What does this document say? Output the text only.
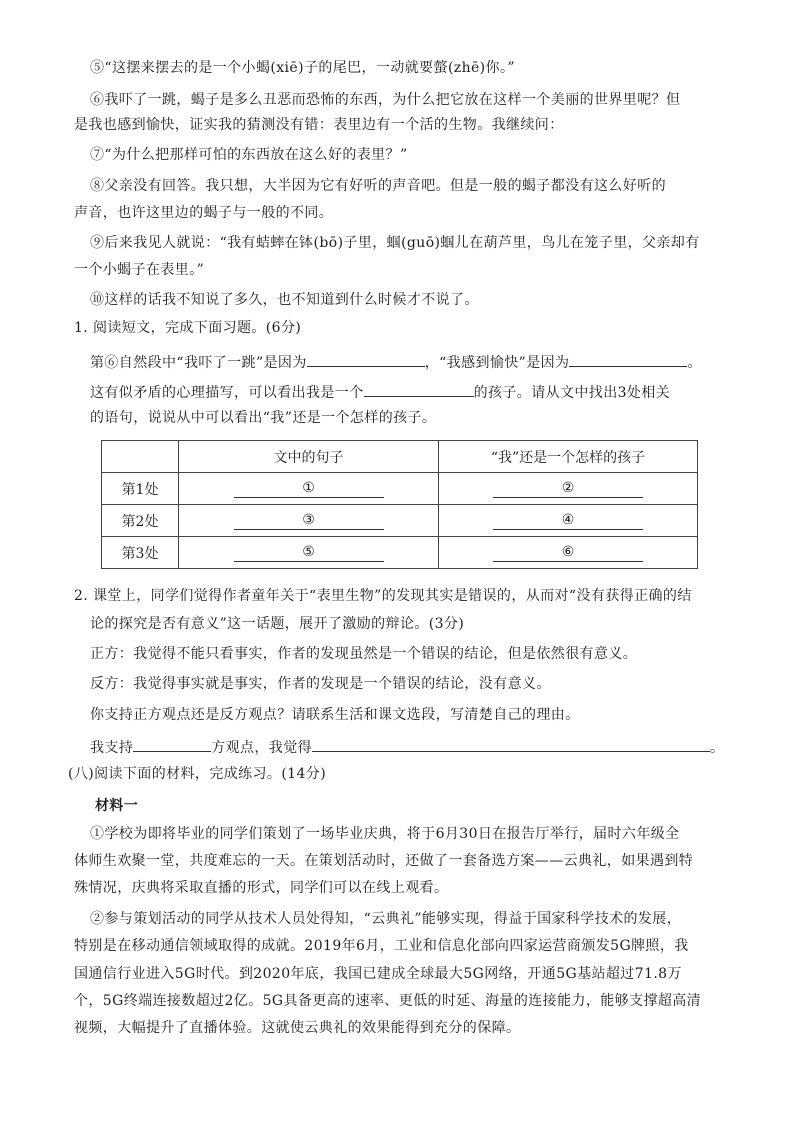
⑤“这摆来摆去的是一个小蝎(xiē)子的尾巴，一动就要螫(zhē)你。”
⑥我吓了一跳，蝎子是多么丑恶而恐怖的东西，为什么把它放在这样一个美丽的世界里呢？但
是我也感到愉快，证实我的猜测没有错：表里边有一个活的生物。我继续问：
⑦“为什么把那样可怕的东西放在这么好的表里？”
⑧父亲没有回答。我只想，大半因为它有好听的声音吧。但是一般的蝎子都没有这么好听的
声音，也许这里边的蝎子与一般的不同。
⑨后来我见人就说：“我有蛣蟀在钵(bō)子里，蝈(guō)蝈儿在葫芦里，鸟儿在笼子里，父亲却有
一个小蝎子在表里。”
⑩这样的话我不知说了多久，也不知道到什么时候才不说了。
1. 阅读短文，完成下面习题。(6分)
第⑥自然段中“我吓了一跳”是因为	，“我感到愉快”是因为	。
这有似矛盾的心理描写，可以看出我是一个	的孩子。请从文中找出3处相关
的语句，说说从中可以看出“我”还是一个怎样的孩子。
	文中的句子	“我”还是一个怎样的孩子
第1处	①	②
第2处	③	④
第3处	⑤	⑥
2. 课堂上，同学们觉得作者童年关于“表里生物”的发现其实是错误的，从而对“没有获得正确的结
论的探究是否有意义”这一话题，展开了激励的辩论。(3分)
正方：我觉得不能只看事实，作者的发现虽然是一个错误的结论，但是依然很有意义。
反方：我觉得事实就是事实，作者的发现是一个错误的结论，没有意义。
你支持正方观点还是反方观点？请联系生活和课文选段，写清楚自己的理由。
我支持	方观点，我觉得	。
(八)阅读下面的材料，完成练习。(14分)
材料一
①学校为即将毕业的同学们策划了一场毕业庆典，将于6月30日在报告厅举行，届时六年级全
体师生欢聚一堂，共度难忘的一天。在策划活动时，还做了一套备选方案——云典礼，如果遇到特
殊情况，庆典将采取直播的形式，同学们可以在线上观看。
②参与策划活动的同学从技术人员处得知，“云典礼”能够实现，得益于国家科学技术的发展，
特别是在移动通信领域取得的成就。2019年6月，工业和信息化部向四家运营商颁发5G牌照，我
国通信行业进入5G时代。到2020年底，我国已建成全球最大5G网络，开通5G基站超过71.8万
个，5G终端连接数超过2亿。5G具备更高的速率、更低的时延、海量的连接能力，能够支撑超高清
视频，大幅提升了直播体验。这就使云典礼的效果能得到充分的保障。
